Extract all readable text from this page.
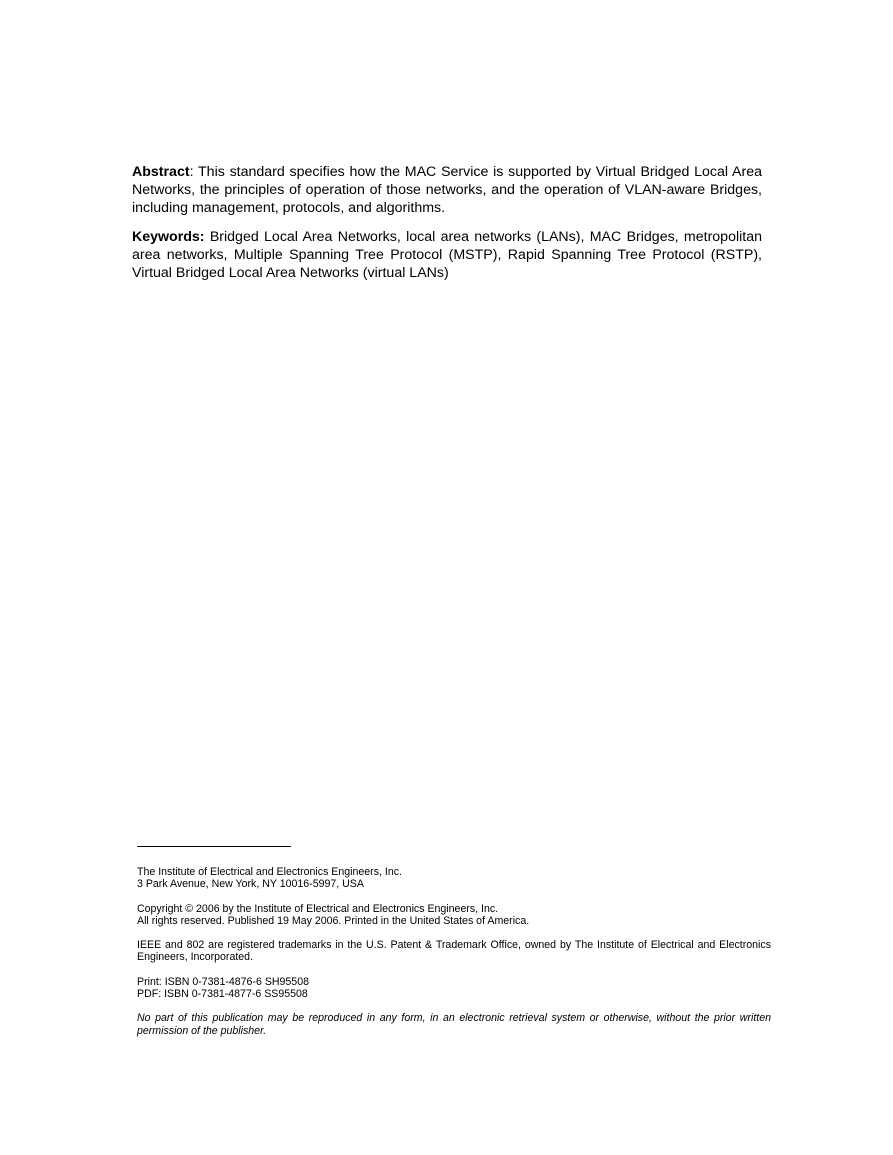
Abstract: This standard specifies how the MAC Service is supported by Virtual Bridged Local Area Networks, the principles of operation of those networks, and the operation of VLAN-aware Bridges, including management, protocols, and algorithms.

Keywords: Bridged Local Area Networks, local area networks (LANs), MAC Bridges, metropolitan area networks, Multiple Spanning Tree Protocol (MSTP), Rapid Spanning Tree Protocol (RSTP), Virtual Bridged Local Area Networks (virtual LANs)

The Institute of Electrical and Electronics Engineers, Inc.
3 Park Avenue, New York, NY 10016-5997, USA

Copyright © 2006 by the Institute of Electrical and Electronics Engineers, Inc.
All rights reserved. Published 19 May 2006. Printed in the United States of America.

IEEE and 802 are registered trademarks in the U.S. Patent & Trademark Office, owned by The Institute of Electrical and Electronics Engineers, Incorporated.

Print: ISBN 0-7381-4876-6 SH95508
PDF: ISBN 0-7381-4877-6 SS95508

No part of this publication may be reproduced in any form, in an electronic retrieval system or otherwise, without the prior written permission of the publisher.
